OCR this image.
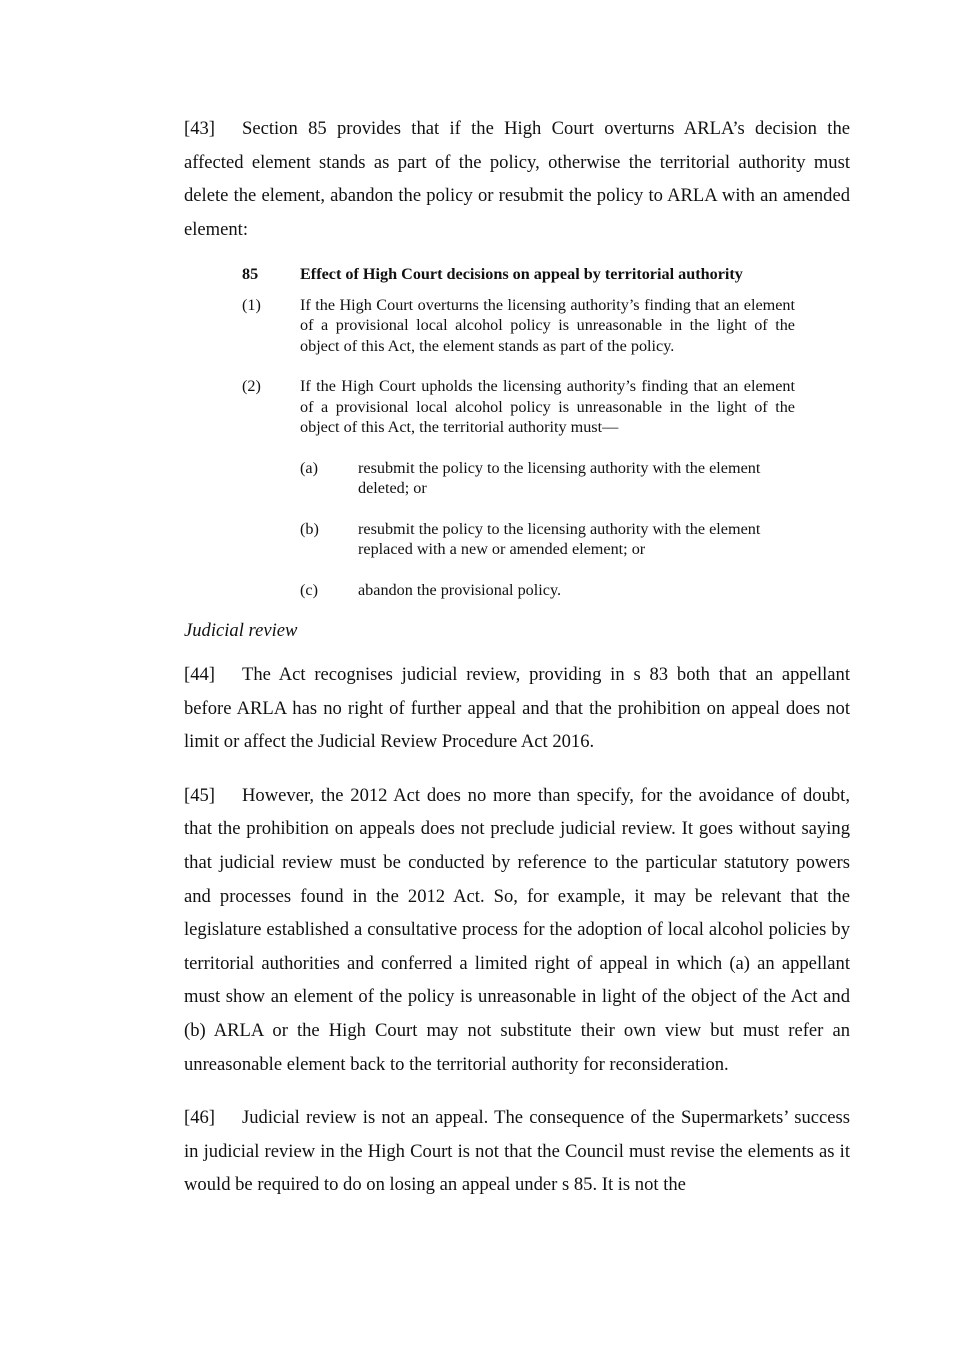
[43] Section 85 provides that if the High Court overturns ARLA’s decision the affected element stands as part of the policy, otherwise the territorial authority must delete the element, abandon the policy or resubmit the policy to ARLA with an amended element:

85	Effect of High Court decisions on appeal by territorial authority
(1)	If the High Court overturns the licensing authority’s finding that an element of a provisional local alcohol policy is unreasonable in the light of the object of this Act, the element stands as part of the policy.
(2)	If the High Court upholds the licensing authority’s finding that an element of a provisional local alcohol policy is unreasonable in the light of the object of this Act, the territorial authority must—
(a)	resubmit the policy to the licensing authority with the element deleted; or
(b)	resubmit the policy to the licensing authority with the element replaced with a new or amended element; or
(c)	abandon the provisional policy.

Judicial review

[44] The Act recognises judicial review, providing in s 83 both that an appellant before ARLA has no right of further appeal and that the prohibition on appeal does not limit or affect the Judicial Review Procedure Act 2016.

[45] However, the 2012 Act does no more than specify, for the avoidance of doubt, that the prohibition on appeals does not preclude judicial review. It goes without saying that judicial review must be conducted by reference to the particular statutory powers and processes found in the 2012 Act. So, for example, it may be relevant that the legislature established a consultative process for the adoption of local alcohol policies by territorial authorities and conferred a limited right of appeal in which (a) an appellant must show an element of the policy is unreasonable in light of the object of the Act and (b) ARLA or the High Court may not substitute their own view but must refer an unreasonable element back to the territorial authority for reconsideration.

[46] Judicial review is not an appeal. The consequence of the Supermarkets’ success in judicial review in the High Court is not that the Council must revise the elements as it would be required to do on losing an appeal under s 85. It is not the
